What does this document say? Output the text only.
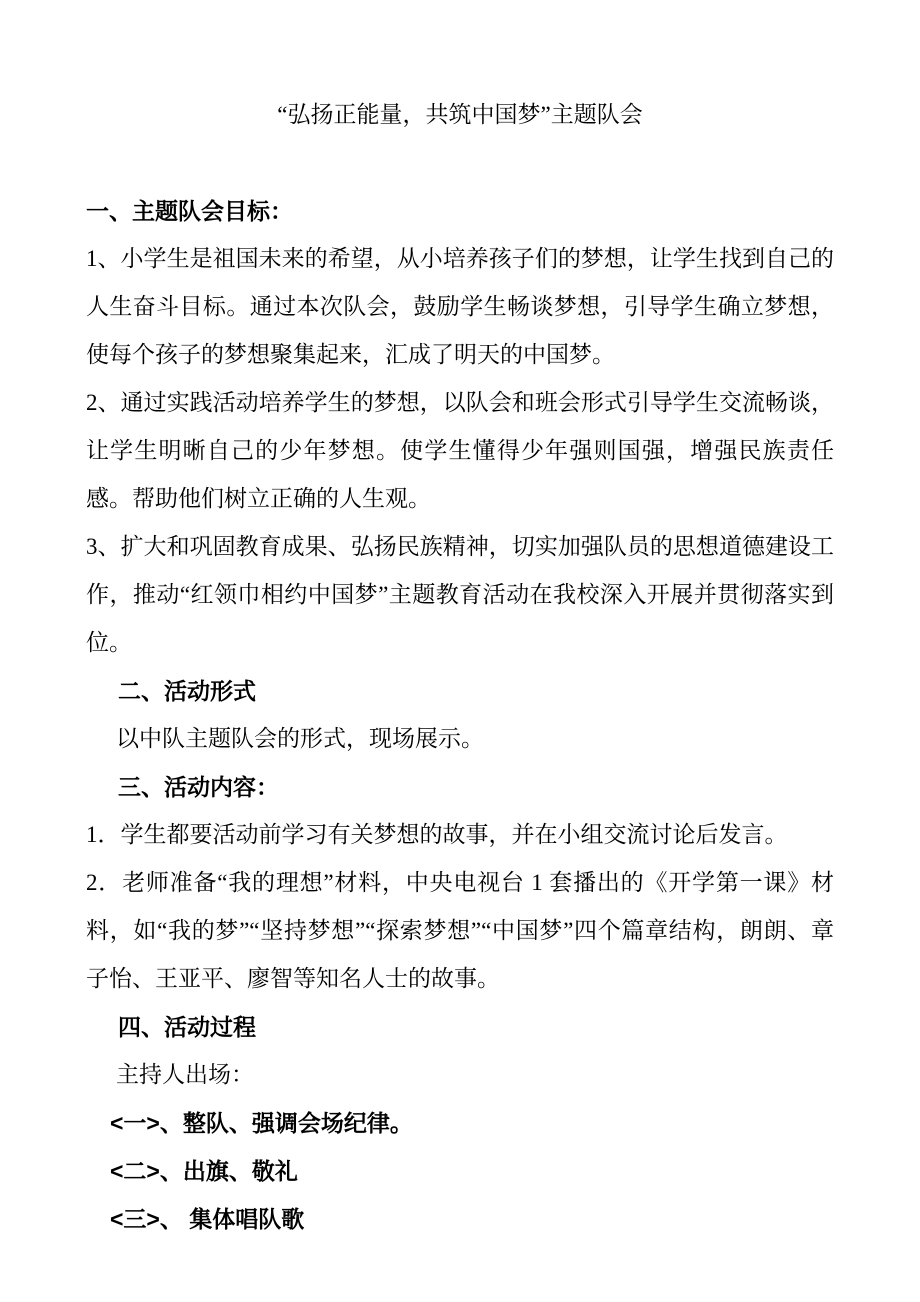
“弘扬正能量，共筑中国梦”主题队会

一、主题队会目标：

1、小学生是祖国未来的希望，从小培养孩子们的梦想，让学生找到自己的人生奋斗目标。通过本次队会，鼓励学生畅谈梦想，引导学生确立梦想，使每个孩子的梦想聚集起来，汇成了明天的中国梦。

2、通过实践活动培养学生的梦想，以队会和班会形式引导学生交流畅谈，让学生明晰自己的少年梦想。使学生懂得少年强则国强，增强民族责任感。帮助他们树立正确的人生观。

3、扩大和巩固教育成果、弘扬民族精神，切实加强队员的思想道德建设工作，推动“红领巾相约中国梦”主题教育活动在我校深入开展并贯彻落实到位。

二、活动形式

以中队主题队会的形式，现场展示。

三、活动内容：

1．学生都要活动前学习有关梦想的故事，并在小组交流讨论后发言。

2．老师准备“我的理想”材料，中央电视台 1 套播出的《开学第一课》材料，如“我的梦”“坚持梦想”“探索梦想”“中国梦”四个篇章结构，朗朗、章子怡、王亚平、廖智等知名人士的故事。

四、活动过程

主持人出场：

<一>、整队、强调会场纪律。

<二>、出旗、敬礼

<三>、 集体唱队歌
